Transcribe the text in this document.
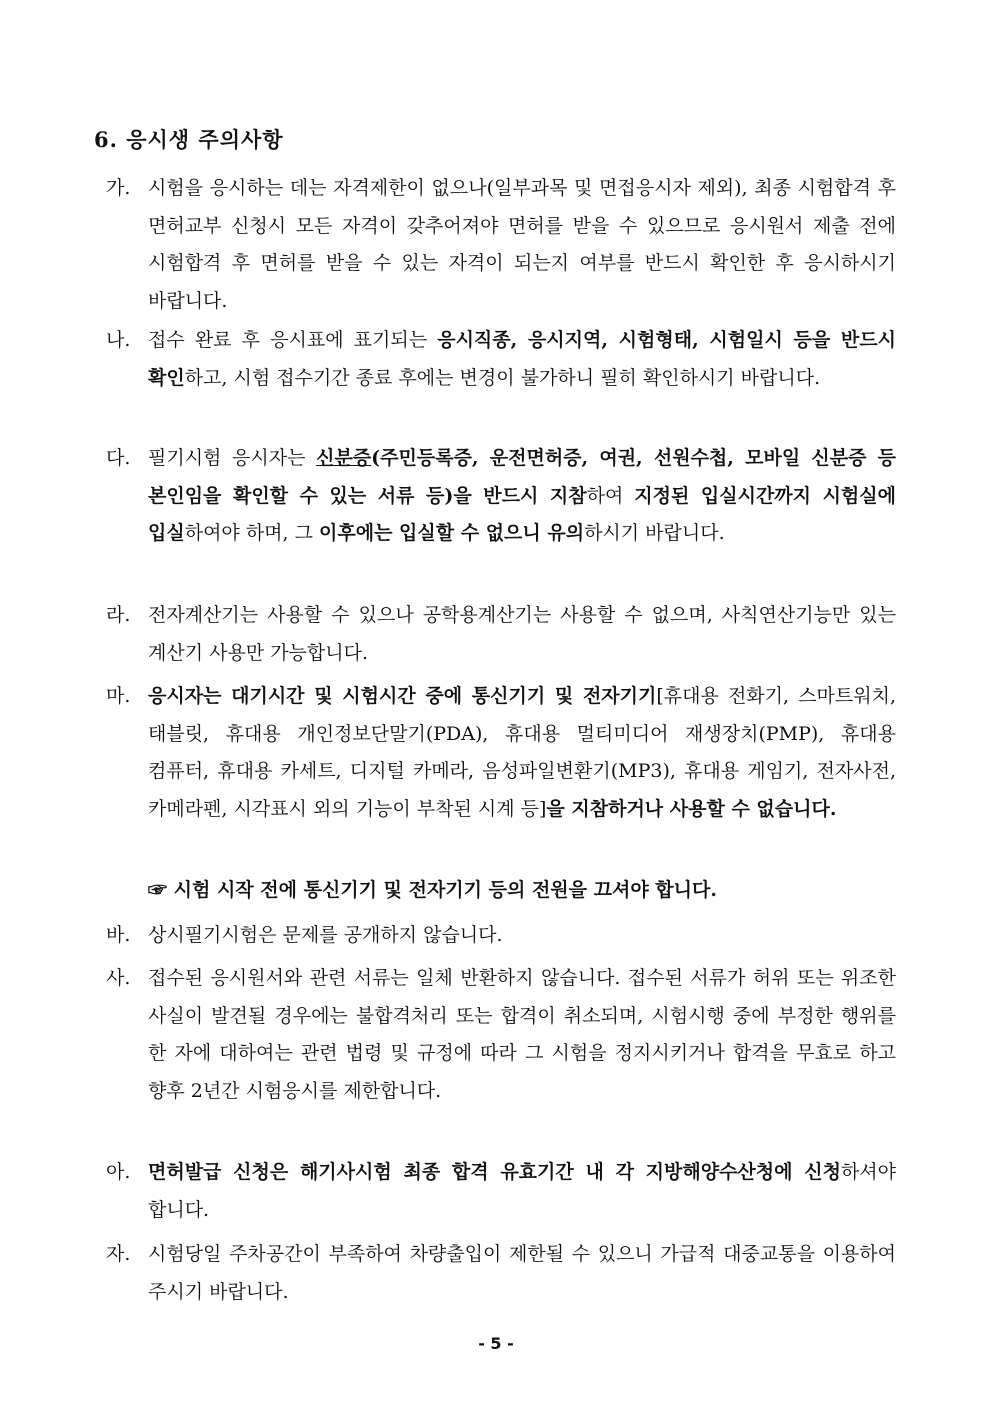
6. 응시생 주의사항
가. 시험을 응시하는 데는 자격제한이 없으나(일부과목 및 면접응시자 제외), 최종 시험합격 후 면허교부 신청시 모든 자격이 갖추어져야 면허를 받을 수 있으므로 응시원서 제출 전에 시험합격 후 면허를 받을 수 있는 자격이 되는지 여부를 반드시 확인한 후 응시하시기 바랍니다.
나. 접수 완료 후 응시표에 표기되는 응시직종, 응시지역, 시험형태, 시험일시 등을 반드시 확인하고, 시험 접수기간 종료 후에는 변경이 불가하니 필히 확인하시기 바랍니다.
다. 필기시험 응시자는 신분증(주민등록증, 운전면허증, 여권, 선원수첩, 모바일 신분증 등 본인임을 확인할 수 있는 서류 등)을 반드시 지참하여 지정된 입실시간까지 시험실에 입실하여야 하며, 그 이후에는 입실할 수 없으니 유의하시기 바랍니다.
라. 전자계산기는 사용할 수 있으나 공학용계산기는 사용할 수 없으며, 사칙연산기능만 있는 계산기 사용만 가능합니다.
마. 응시자는 대기시간 및 시험시간 중에 통신기기 및 전자기기[휴대용 전화기, 스마트워치, 태블릿, 휴대용 개인정보단말기(PDA), 휴대용 멀티미디어 재생장치(PMP), 휴대용 컴퓨터, 휴대용 카세트, 디지털 카메라, 음성파일변환기(MP3), 휴대용 게임기, 전자사전, 카메라펜, 시각표시 외의 기능이 부착된 시계 등]을 지참하거나 사용할 수 없습니다.
☞ 시험 시작 전에 통신기기 및 전자기기 등의 전원을 끄셔야 합니다.
바. 상시필기시험은 문제를 공개하지 않습니다.
사. 접수된 응시원서와 관련 서류는 일체 반환하지 않습니다. 접수된 서류가 허위 또는 위조한 사실이 발견될 경우에는 불합격처리 또는 합격이 취소되며, 시험시행 중에 부정한 행위를 한 자에 대하여는 관련 법령 및 규정에 따라 그 시험을 정지시키거나 합격을 무효로 하고 향후 2년간 시험응시를 제한합니다.
아. 면허발급 신청은 해기사시험 최종 합격 유효기간 내 각 지방해양수산청에 신청하셔야 합니다.
자. 시험당일 주차공간이 부족하여 차량출입이 제한될 수 있으니 가급적 대중교통을 이용하여 주시기 바랍니다.
- 5 -
